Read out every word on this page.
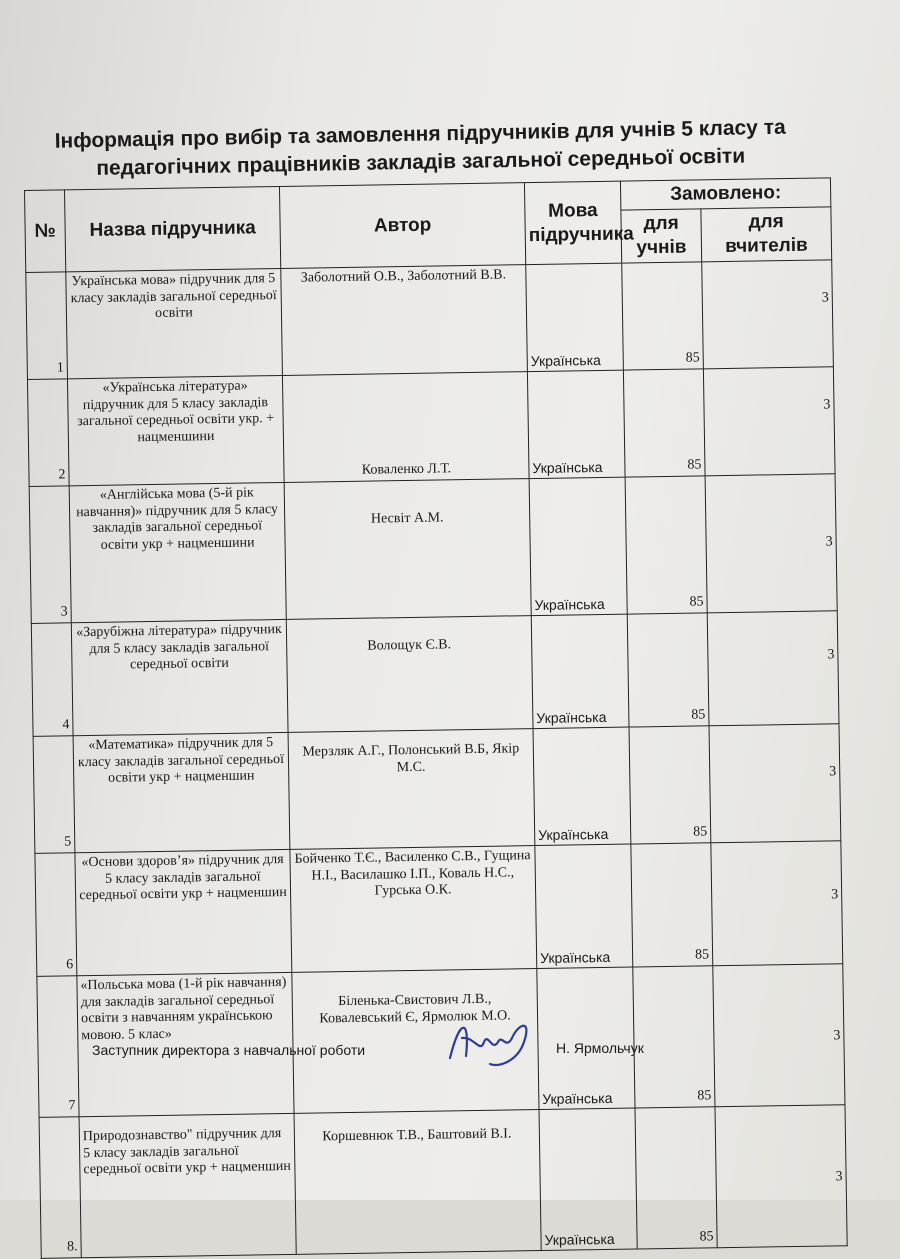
Інформація про вибір та замовлення підручників для учнів 5 класу та педагогічних працівників закладів загальної середньої освіти
№	Назва підручника	Автор	Мова підручника	Замовлено:	
				для учнів	для вчителів
1	Українська мова» підручник для 5 класу закладів загальної середньої освіти	Заболотний О.В., Заболотний В.В.	Українська	85	3
2	«Українська література» підручник для 5 класу закладів загальної середньої освіти укр. + нацменшини	Коваленко Л.Т.	Українська	85	3
3	«Англійська мова (5-й рік навчання)» підручник для 5 класу закладів загальної середньої освіти укр + нацменшини	Несвіт А.М.	Українська	85	3
4	«Зарубіжна література» підручник для 5 класу закладів загальної середньої освіти	Волощук Є.В.	Українська	85	3
5	«Математика» підручник для 5 класу закладів загальної середньої освіти укр + нацменшин	Мерзляк А.Г., Полонський В.Б, Якір М.С.	Українська	85	3
6	«Основи здоров’я» підручник для 5 класу закладів загальної середньої освіти укр + нацменшин	Бойченко Т.Є., Василенко С.В., Гущина Н.І., Василашко І.П., Коваль Н.С., Гурська О.К.	Українська	85	3
7	«Польська мова (1-й рік навчання) для закладів загальної середньої освіти з навчанням українською мовою. 5 клас»	Біленька-Свистович Л.В., Ковалевський Є, Ярмолюк М.О.	Українська	85	3
8.	Природознавство" підручник для 5 класу закладів загальної середньої освіти укр + нацменшин	Коршевнюк Т.В., Баштовий В.І.	Українська	85	3
Заступник директора з навчальної роботи	Н. Ярмольчук
